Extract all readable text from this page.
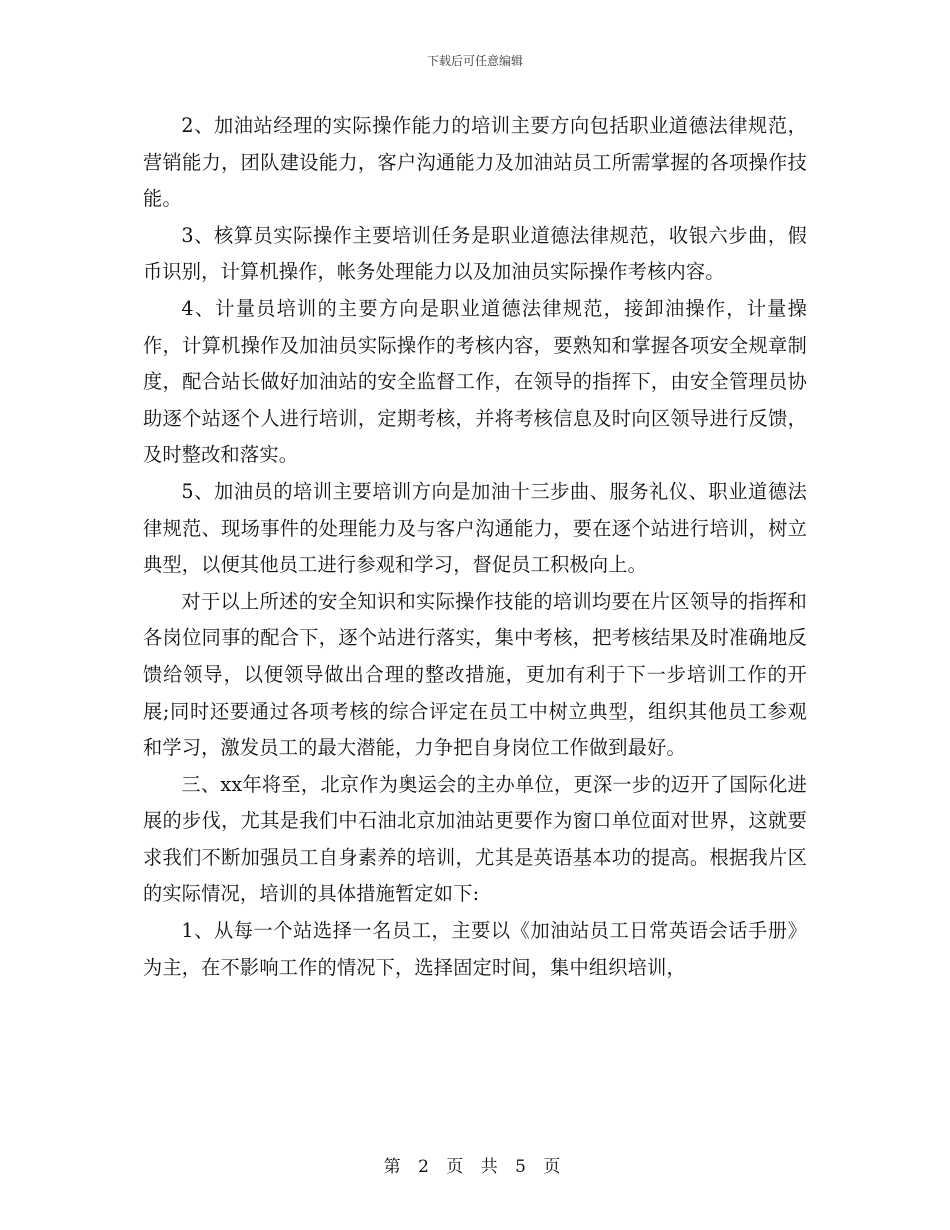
下载后可任意编辑

2、加油站经理的实际操作能力的培训主要方向包括职业道德法律规范，营销能力，团队建设能力，客户沟通能力及加油站员工所需掌握的各项操作技能。

3、核算员实际操作主要培训任务是职业道德法律规范，收银六步曲，假币识别，计算机操作，帐务处理能力以及加油员实际操作考核内容。

4、计量员培训的主要方向是职业道德法律规范，接卸油操作，计量操作，计算机操作及加油员实际操作的考核内容，要熟知和掌握各项安全规章制度，配合站长做好加油站的安全监督工作，在领导的指挥下，由安全管理员协助逐个站逐个人进行培训，定期考核，并将考核信息及时向区领导进行反馈，及时整改和落实。

5、加油员的培训主要培训方向是加油十三步曲、服务礼仪、职业道德法律规范、现场事件的处理能力及与客户沟通能力，要在逐个站进行培训，树立典型，以便其他员工进行参观和学习，督促员工积极向上。

对于以上所述的安全知识和实际操作技能的培训均要在片区领导的指挥和各岗位同事的配合下，逐个站进行落实，集中考核，把考核结果及时准确地反馈给领导，以便领导做出合理的整改措施，更加有利于下一步培训工作的开展;同时还要通过各项考核的综合评定在员工中树立典型，组织其他员工参观和学习，激发员工的最大潜能，力争把自身岗位工作做到最好。

三、xx年将至，北京作为奥运会的主办单位，更深一步的迈开了国际化进展的步伐，尤其是我们中石油北京加油站更要作为窗口单位面对世界，这就要求我们不断加强员工自身素养的培训，尤其是英语基本功的提高。根据我片区的实际情况，培训的具体措施暂定如下:

1、从每一个站选择一名员工，主要以《加油站员工日常英语会话手册》为主，在不影响工作的情况下，选择固定时间，集中组织培训，

第 2 页 共 5 页
